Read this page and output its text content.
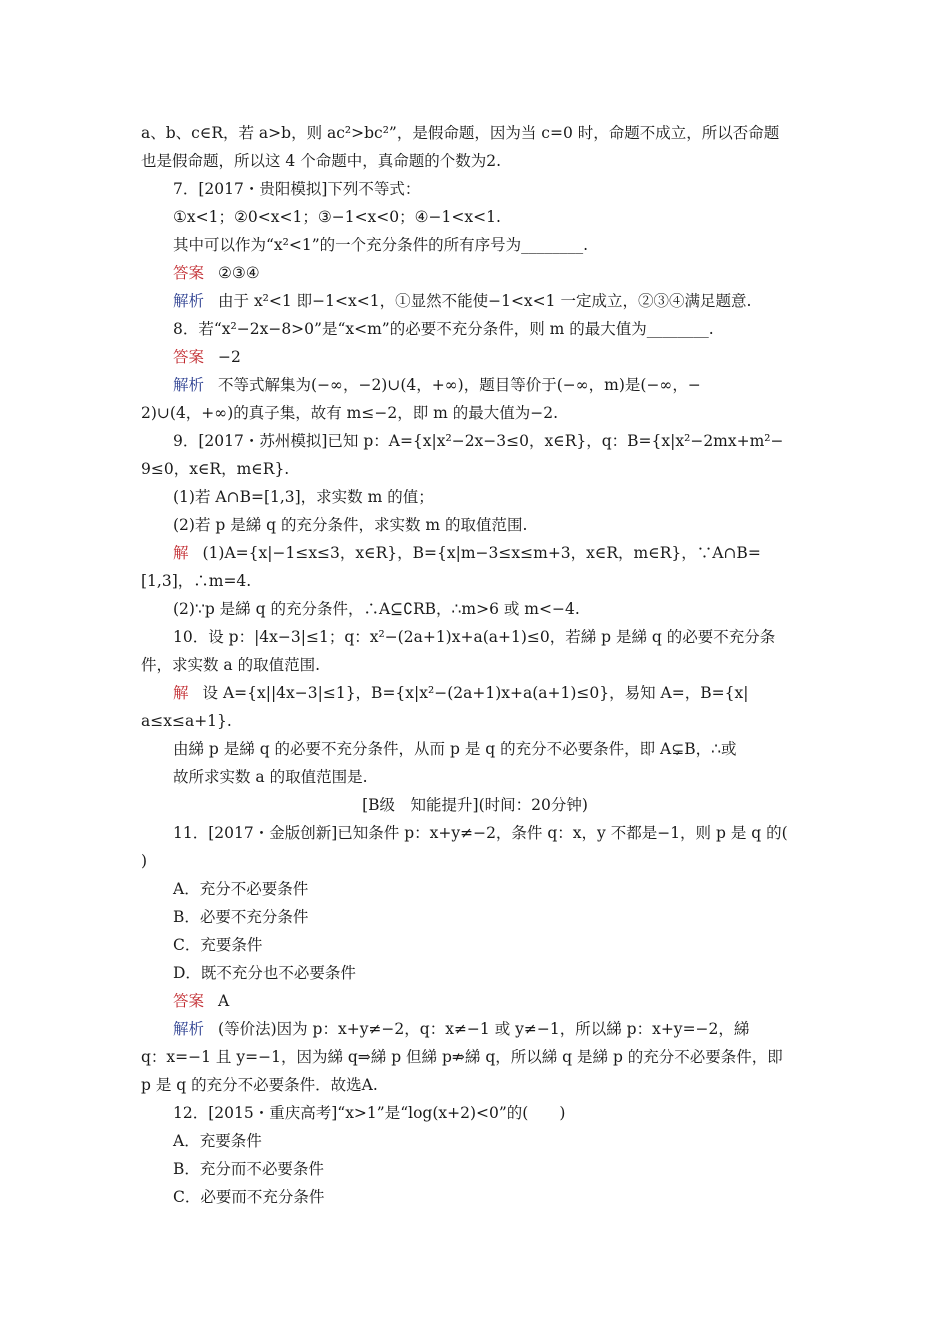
a、b、c∈R，若 a>b，则 ac²>bc²”，是假命题，因为当 c=0 时，命题不成立，所以否命题
也是假命题，所以这 4 个命题中，真命题的个数为2.
7．[2017・贵阳模拟]下列不等式：
①x<1；②0<x<1；③−1<x<0；④−1<x<1.
其中可以作为“x²<1”的一个充分条件的所有序号为________.
答案 ②③④
解析 由于 x²<1 即−1<x<1，①显然不能使−1<x<1 一定成立，②③④满足题意.
8．若“x²−2x−8>0”是“x<m”的必要不充分条件，则 m 的最大值为________.
答案 −2
解析 不等式解集为(−∞，−2)∪(4，+∞)，题目等价于(−∞，m)是(−∞，−
2)∪(4，+∞)的真子集，故有 m≤−2，即 m 的最大值为−2.
9．[2017・苏州模拟]已知 p：A={x|x²−2x−3≤0，x∈R}，q：B={x|x²−2mx+m²−
9≤0，x∈R，m∈R}.
(1)若 A∩B=[1,3]，求实数 m 的值；
(2)若 p 是綈 q 的充分条件，求实数 m 的取值范围.
解 (1)A={x|−1≤x≤3，x∈R}，B={x|m−3≤x≤m+3，x∈R，m∈R}，∵A∩B=
[1,3]，∴m=4.
(2)∵p 是綈 q 的充分条件，∴A⊆∁RB，∴m>6 或 m<−4.
10．设 p：|4x−3|≤1；q：x²−(2a+1)x+a(a+1)≤0，若綈 p 是綈 q 的必要不充分条
件，求实数 a 的取值范围.
解 设 A={x||4x−3|≤1}，B={x|x²−(2a+1)x+a(a+1)≤0}，易知 A=，B={x|
a≤x≤a+1}.
由綈 p 是綈 q 的必要不充分条件，从而 p 是 q 的充分不必要条件，即 A⊊B，∴或
故所求实数 a 的取值范围是.
[B级　知能提升](时间：20分钟)
11．[2017・金版创新]已知条件 p：x+y≠−2，条件 q：x，y 不都是−1，则 p 是 q 的(
)
A．充分不必要条件
B．必要不充分条件
C．充要条件
D．既不充分也不必要条件
答案 A
解析 (等价法)因为 p：x+y≠−2，q：x≠−1 或 y≠−1，所以綈 p：x+y=−2，綈
q：x=−1 且 y=−1，因为綈 q⇒綈 p 但綈 p⇏綈 q，所以綈 q 是綈 p 的充分不必要条件，即
p 是 q 的充分不必要条件．故选A.
12．[2015・重庆高考]“x>1”是“log(x+2)<0”的(　　)
A．充要条件
B．充分而不必要条件
C．必要而不充分条件
